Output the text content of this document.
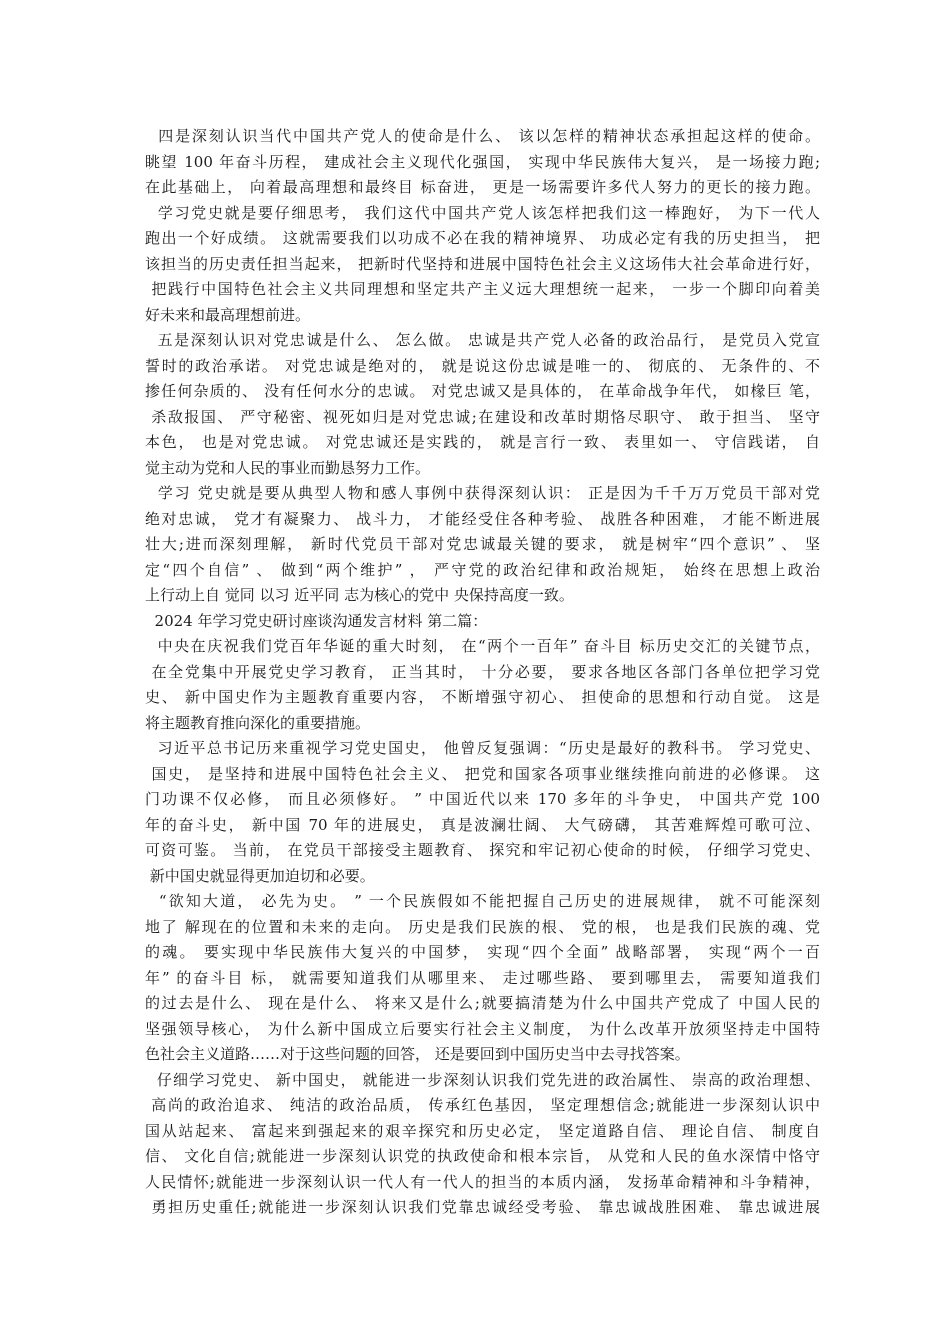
四是深刻认识当代中国共产党人的使命是什么、 该以怎样的精神状态承担起这样的使命。
眺望 100 年奋斗历程， 建成社会主义现代化强国， 实现中华民族伟大复兴， 是一场接力跑;
在此基础上， 向着最高理想和最终目 标奋进， 更是一场需要许多代人努力的更长的接力跑。
学习党史就是要仔细思考， 我们这代中国共产党人该怎样把我们这一棒跑好， 为下一代人
跑出一个好成绩。 这就需要我们以功成不必在我的精神境界、 功成必定有我的历史担当， 把
该担当的历史责任担当起来， 把新时代坚持和进展中国特色社会主义这场伟大社会革命进行好，
把践行中国特色社会主义共同理想和坚定共产主义远大理想统一起来， 一步一个脚印向着美
好未来和最高理想前进。
五是深刻认识对党忠诚是什么、 怎么做。 忠诚是共产党人必备的政治品行， 是党员入党宣
誓时的政治承诺。 对党忠诚是绝对的， 就是说这份忠诚是唯一的、 彻底的、 无条件的、不
掺任何杂质的、 没有任何水分的忠诚。 对党忠诚又是具体的， 在革命战争年代， 如椽巨 笔，
杀敌报国、 严守秘密、视死如归是对党忠诚;在建设和改革时期恪尽职守、 敢于担当、 坚守
本色， 也是对党忠诚。 对党忠诚还是实践的， 就是言行一致、 表里如一、 守信践诺， 自
觉主动为党和人民的事业而勤恳努力工作。
学习 党史就是要从典型人物和感人事例中获得深刻认识： 正是因为千千万万党员干部对党
绝对忠诚， 党才有凝聚力、 战斗力， 才能经受住各种考验、 战胜各种困难， 才能不断进展
壮大;进而深刻理解， 新时代党员干部对党忠诚最关键的要求， 就是树牢“四个意识” 、 坚
定“四个自信” 、 做到“两个维护” ， 严守党的政治纪律和政治规矩， 始终在思想上政治
上行动上自 觉同 以习 近平同 志为核心的党中 央保持高度一致。
2024 年学习党史研讨座谈沟通发言材料 第二篇：
中央在庆祝我们党百年华诞的重大时刻， 在“两个一百年” 奋斗目 标历史交汇的关键节点，
在全党集中开展党史学习教育， 正当其时， 十分必要， 要求各地区各部门各单位把学习党
史、 新中国史作为主题教育重要内容， 不断增强守初心、 担使命的思想和行动自觉。 这是
将主题教育推向深化的重要措施。
习近平总书记历来重视学习党史国史， 他曾反复强调：“历史是最好的教科书。 学习党史、
国史， 是坚持和进展中国特色社会主义、 把党和国家各项事业继续推向前进的必修课。 这
门功课不仅必修， 而且必须修好。 ” 中国近代以来 170 多年的斗争史， 中国共产党 100
年的奋斗史， 新中国 70 年的进展史， 真是波澜壮阔、 大气磅礴， 其苦难辉煌可歌可泣、
可资可鉴。 当前， 在党员干部接受主题教育、 探究和牢记初心使命的时候， 仔细学习党史、
新中国史就显得更加迫切和必要。
“欲知大道， 必先为史。 ” 一个民族假如不能把握自己历史的进展规律， 就不可能深刻
地了 解现在的位置和未来的走向。 历史是我们民族的根、 党的根， 也是我们民族的魂、党
的魂。 要实现中华民族伟大复兴的中国梦， 实现“四个全面” 战略部署， 实现“两个一百
年” 的奋斗目 标， 就需要知道我们从哪里来、 走过哪些路、 要到哪里去， 需要知道我们
的过去是什么、 现在是什么、 将来又是什么;就要搞清楚为什么中国共产党成了 中国人民的
坚强领导核心， 为什么新中国成立后要实行社会主义制度， 为什么改革开放须坚持走中国特
色社会主义道路……对于这些问题的回答， 还是要回到中国历史当中去寻找答案。
仔细学习党史、 新中国史， 就能进一步深刻认识我们党先进的政治属性、 崇高的政治理想、
高尚的政治追求、 纯洁的政治品质， 传承红色基因， 坚定理想信念;就能进一步深刻认识中
国从站起来、 富起来到强起来的艰辛探究和历史必定， 坚定道路自信、 理论自信、 制度自
信、 文化自信;就能进一步深刻认识党的执政使命和根本宗旨， 从党和人民的鱼水深情中恪守
人民情怀;就能进一步深刻认识一代人有一代人的担当的本质内涵， 发扬革命精神和斗争精神，
勇担历史重任;就能进一步深刻认识我们党靠忠诚经受考验、 靠忠诚战胜困难、 靠忠诚进展
